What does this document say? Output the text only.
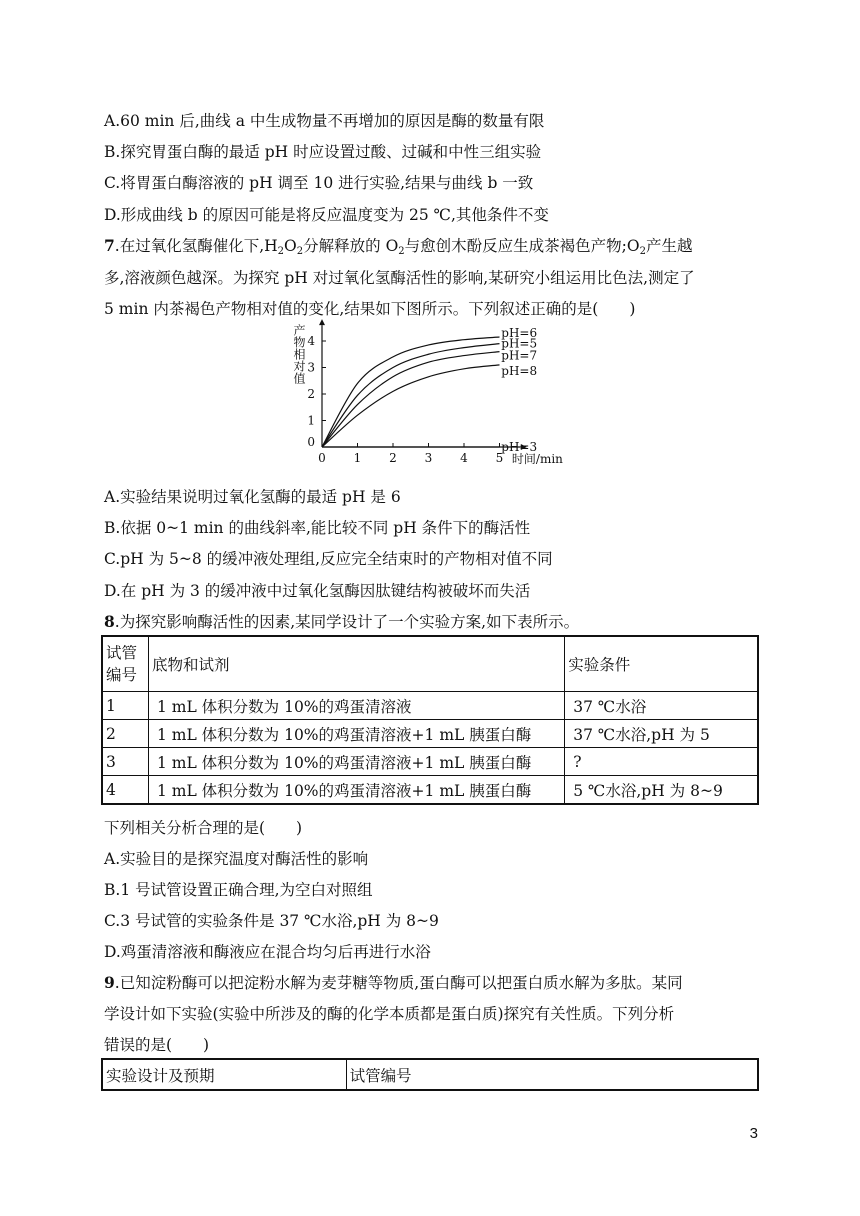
A.60 min 后,曲线 a 中生成物量不再增加的原因是酶的数量有限
B.探究胃蛋白酶的最适 pH 时应设置过酸、过碱和中性三组实验
C.将胃蛋白酶溶液的 pH 调至 10 进行实验,结果与曲线 b 一致
D.形成曲线 b 的原因可能是将反应温度变为 25 ℃,其他条件不变
7.在过氧化氢酶催化下$,H_2O_2$分解释放的 $O_2$与愈创木酚反应生成茶褐色产物$;O_2$产生越
多,溶液颜色越深。为探究 pH 对过氧化氢酶活性的影响,某研究小组运用比色法,测定了
5 min 内茶褐色产物相对值的变化,结果如下图所示。下列叙述正确的是(　　)
0 1 2 3 4 5
1
2
3
4
0
时间/min
产物相对值	pH=6
pH=5
pH=7
pH=8
pH=3
A.实验结果说明过氧化氢酶的最适 pH 是 6
B.依据 0~1 min 的曲线斜率,能比较不同 pH 条件下的酶活性
C.pH 为 5~8 的缓冲液处理组,反应完全结束时的产物相对值不同
D.在 pH 为 3 的缓冲液中过氧化氢酶因肽键结构被破坏而失活
8.为探究影响酶活性的因素,某同学设计了一个实验方案,如下表所示。
试管
编号	底物和试剂	实验条件
1	1 mL 体积分数为 10%的鸡蛋清溶液	37 ℃水浴
2	1 mL 体积分数为 10%的鸡蛋清溶液+1 mL 胰蛋白酶	37 ℃水浴,pH 为 5
3	1 mL 体积分数为 10%的鸡蛋清溶液+1 mL 胰蛋白酶	?
4	1 mL 体积分数为 10%的鸡蛋清溶液+1 mL 胰蛋白酶	5 ℃水浴,pH 为 8~9
下列相关分析合理的是(　　)
A.实验目的是探究温度对酶活性的影响
B.1 号试管设置正确合理,为空白对照组
C.3 号试管的实验条件是 37 ℃水浴,pH 为 8~9
D.鸡蛋清溶液和酶液应在混合均匀后再进行水浴
9.已知淀粉酶可以把淀粉水解为麦芽糖等物质,蛋白酶可以把蛋白质水解为多肽。某同
学设计如下实验(实验中所涉及的酶的化学本质都是蛋白质)探究有关性质。下列分析
错误的是(　　)
实验设计及预期	试管编号
3
